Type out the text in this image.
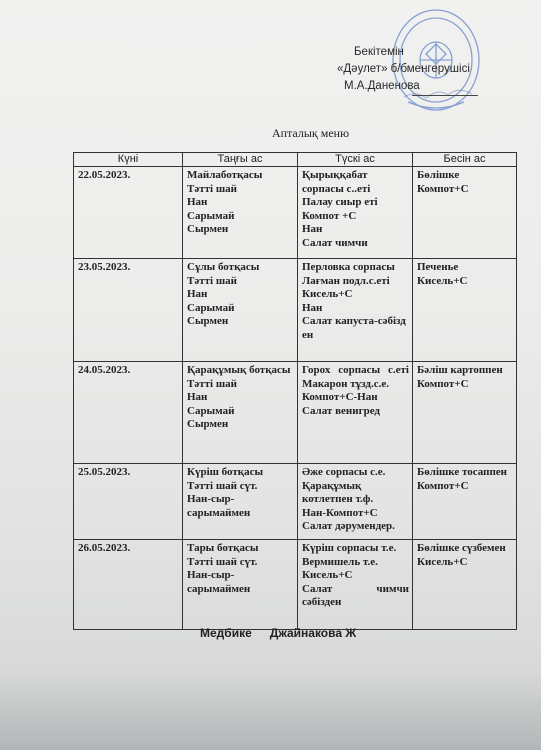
Бекітемін
«Дәулет» б/бменгерушісі
М.А.Даненова
Апталық меню
Күні	Таңғы ас	Түскі ас	Бесін ас
22.05.2023.	Майлаботқасы
Тәтті шай
Нан
Сарымай
Сырмен	Қырыққабат сорпасы с..еті
Палау сиыр еті
Компот +С
Нан
Салат чимчи	Бөлішке
Компот+С

23.05.2023.	Сұлы ботқасы
Тәтті шай
Нан
Сарымай
Сырмен	Перловка сорпасы
Лағман подл.с.еті
Кисель+С
Нан
Салат капуста-сәбізден	Печенье
Кисель+С

24.05.2023.	Қарақұмық ботқасы
Тәтті шай
Нан
Сарымай
Сырмен	Горох сорпасы с.еті
Макарон тұзд.с.е.
Компот+С-Нан
Салат венигред	Бәліш картоппен
Компот+С

25.05.2023.	Күріш ботқасы
Тәтті шай сүт.
Нан-сыр-сарымаймен	Әже сорпасы с.е.
Қарақұмық котлетпен т.ф.
Нан-Компот+С
Салат дәрумендер.	Бөлішке тосаппен
Компот+С

26.05.2023.	Тары ботқасы
Тәтті шай сүт.
Нан-сыр-сарымаймен	Күріш сорпасы т.е.
Вермишель т.е.
Кисель+С
Салат чимчи сәбізден	Бөлішке сүзбемен
Кисель+С
Медбике Джайнакова Ж
